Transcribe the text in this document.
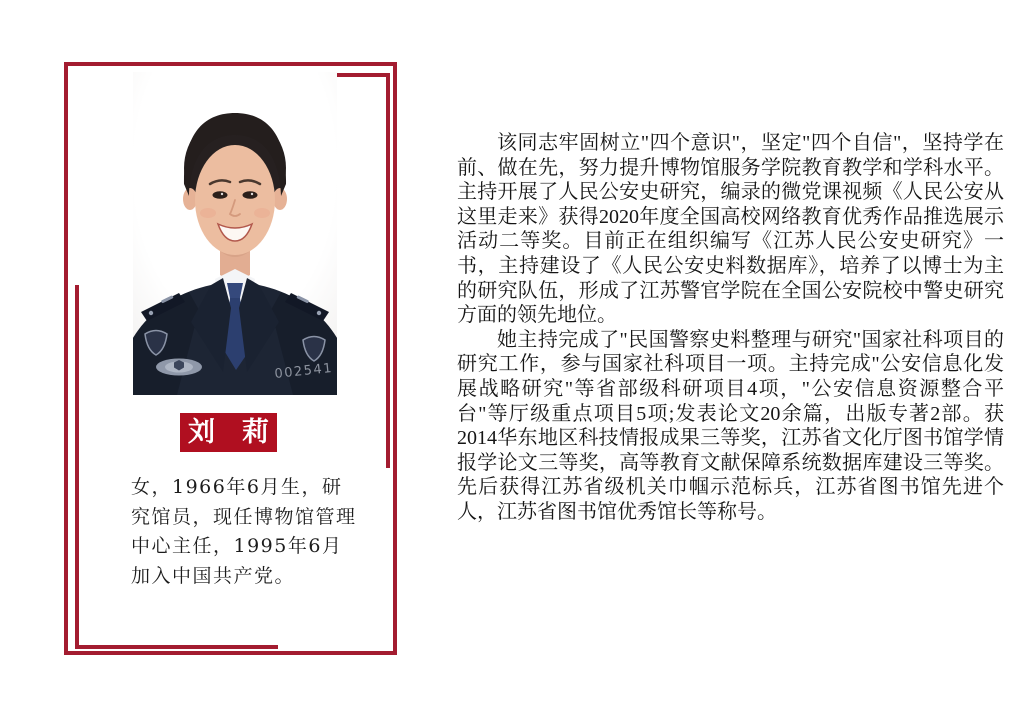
002541
刘 莉
女，1966年6月生，研究馆员，现任博物馆管理中心主任，1995年6月加入中国共产党。

该同志牢固树立"四个意识"，坚定"四个自信"，坚持学在前、做在先，努力提升博物馆服务学院教育教学和学科水平。主持开展了人民公安史研究，编录的微党课视频《人民公安从这里走来》获得2020年度全国高校网络教育优秀作品推选展示活动二等奖。目前正在组织编写《江苏人民公安史研究》一书，主持建设了《人民公安史料数据库》，培养了以博士为主的研究队伍，形成了江苏警官学院在全国公安院校中警史研究方面的领先地位。

她主持完成了"民国警察史料整理与研究"国家社科项目的研究工作，参与国家社科项目一项。主持完成"公安信息化发展战略研究"等省部级科研项目4项，"公安信息资源整合平台"等厅级重点项目5项;发表论文20余篇，出版专著2部。获2014华东地区科技情报成果三等奖，江苏省文化厅图书馆学情报学论文三等奖，高等教育文献保障系统数据库建设三等奖。先后获得江苏省级机关巾帼示范标兵，江苏省图书馆先进个人，江苏省图书馆优秀馆长等称号。
